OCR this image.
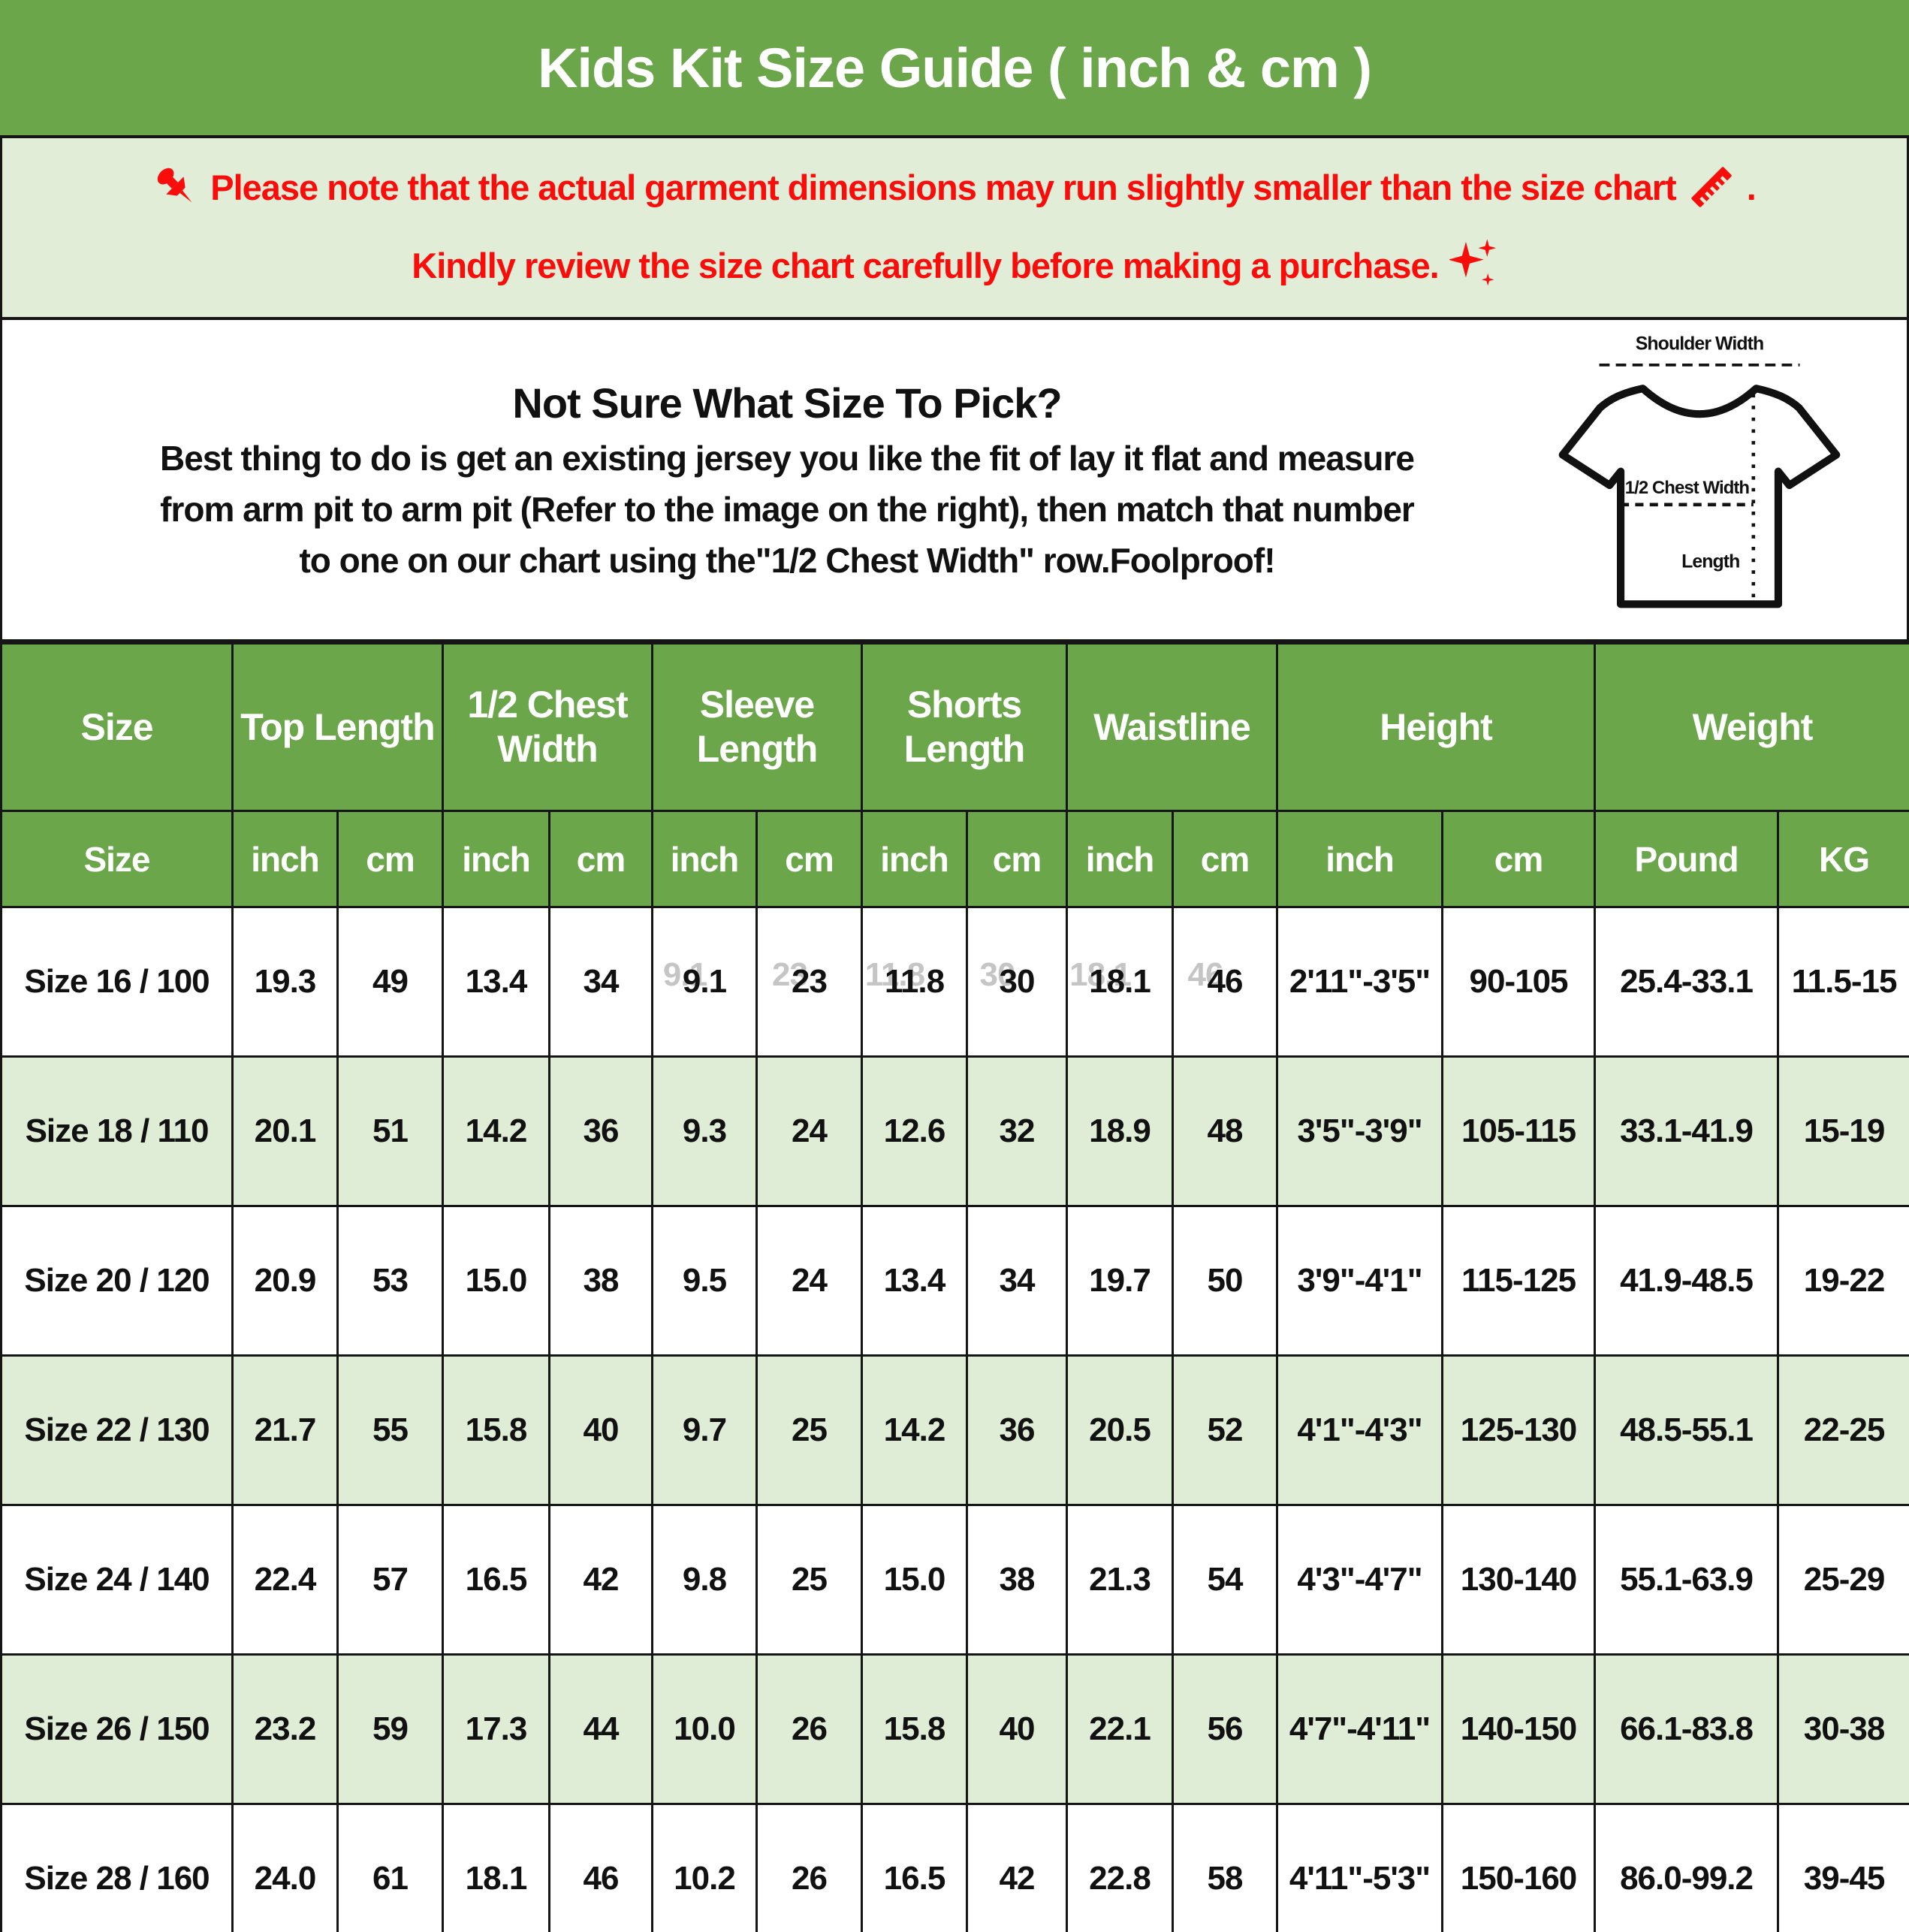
Kids Kit Size Guide ( inch & cm )
Please note that the actual garment dimensions may run slightly smaller than the size chart .
Kindly review the size chart carefully before making a purchase.
Not Sure What Size To Pick?
Best thing to do is get an existing jersey you like the fit of lay it flat and measure
from arm pit to arm pit (Refer to the image on the right), then match that number
to one on our chart using the"1/2 Chest Width" row.Foolproof!
Shoulder Width
1/2 Chest Width
Length
Size	Top Length		1/2 Chest Width		Sleeve Length		Shorts Length		Waistline		Height		Weight	
Size	inch	cm	inch	cm	inch	cm	inch	cm	inch	cm	inch	cm	Pound	KG
Size 16 / 100	19.3	49	13.4	34	9.1	23	11.8	30	18.1	46	2'11"-3'5"	90-105	25.4-33.1	11.5-15
Size 18 / 110	20.1	51	14.2	36	9.3	24	12.6	32	18.9	48	3'5"-3'9"	105-115	33.1-41.9	15-19
Size 20 / 120	20.9	53	15.0	38	9.5	24	13.4	34	19.7	50	3'9"-4'1"	115-125	41.9-48.5	19-22
Size 22 / 130	21.7	55	15.8	40	9.7	25	14.2	36	20.5	52	4'1"-4'3"	125-130	48.5-55.1	22-25
Size 24 / 140	22.4	57	16.5	42	9.8	25	15.0	38	21.3	54	4'3"-4'7"	130-140	55.1-63.9	25-29
Size 26 / 150	23.2	59	17.3	44	10.0	26	15.8	40	22.1	56	4'7"-4'11"	140-150	66.1-83.8	30-38
Size 28 / 160	24.0	61	18.1	46	10.2	26	16.5	42	22.8	58	4'11"-5'3"	150-160	86.0-99.2	39-45
